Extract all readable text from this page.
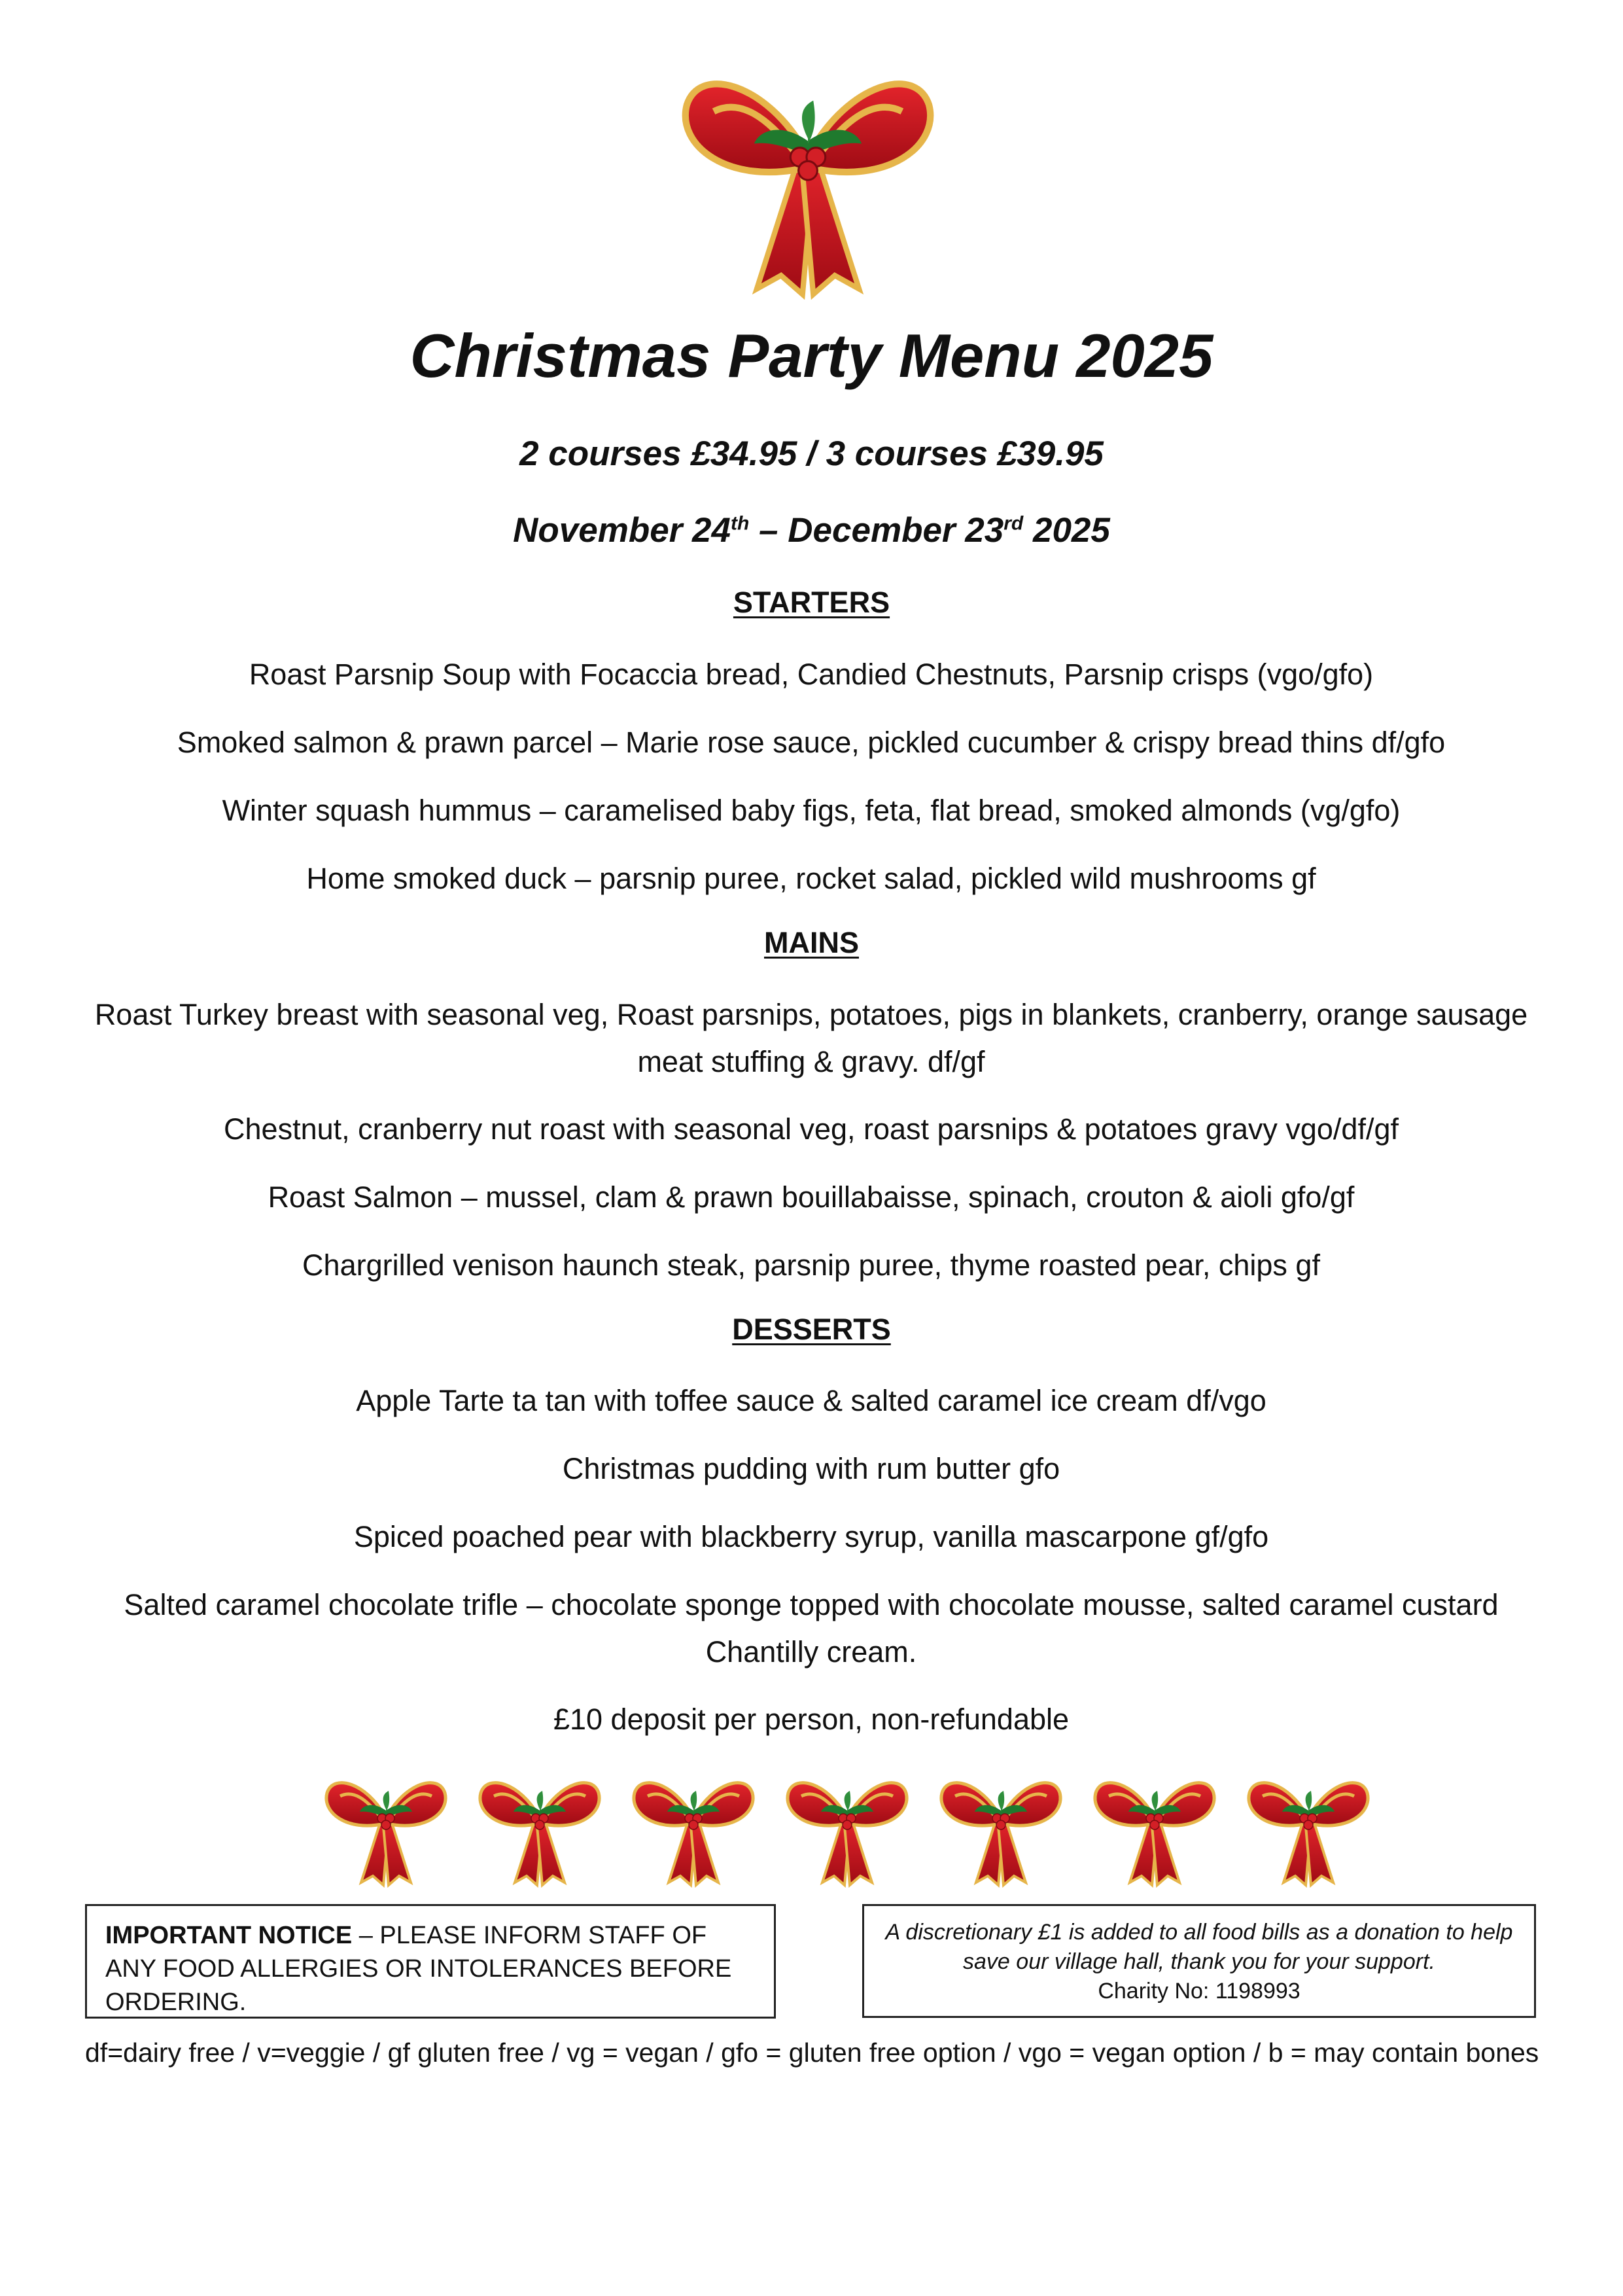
Christmas Party Menu 2025
2 courses £34.95 / 3 courses £39.95
November 24th – December 23rd 2025
STARTERS
Roast Parsnip Soup with Focaccia bread, Candied Chestnuts, Parsnip crisps (vgo/gfo)
Smoked salmon & prawn parcel – Marie rose sauce, pickled cucumber & crispy bread thins df/gfo
Winter squash hummus – caramelised baby figs, feta, flat bread, smoked almonds (vg/gfo)
Home smoked duck – parsnip puree, rocket salad, pickled wild mushrooms gf
MAINS
Roast Turkey breast with seasonal veg, Roast parsnips, potatoes, pigs in blankets, cranberry, orange sausage meat stuffing & gravy. df/gf
Chestnut, cranberry nut roast with seasonal veg, roast parsnips & potatoes gravy vgo/df/gf
Roast Salmon – mussel, clam & prawn bouillabaisse, spinach, crouton & aioli gfo/gf
Chargrilled venison haunch steak, parsnip puree, thyme roasted pear, chips gf
DESSERTS
Apple Tarte ta tan with toffee sauce & salted caramel ice cream df/vgo
Christmas pudding with rum butter gfo
Spiced poached pear with blackberry syrup, vanilla mascarpone gf/gfo
Salted caramel chocolate trifle – chocolate sponge topped with chocolate mousse, salted caramel custard Chantilly cream.
£10 deposit per person, non-refundable
IMPORTANT NOTICE – PLEASE INFORM STAFF OF ANY FOOD ALLERGIES OR INTOLERANCES BEFORE ORDERING.
A discretionary £1 is added to all food bills as a donation to help save our village hall, thank you for your support.
Charity No: 1198993
df=dairy free / v=veggie / gf gluten free / vg = vegan / gfo = gluten free option / vgo = vegan option / b = may contain bones
